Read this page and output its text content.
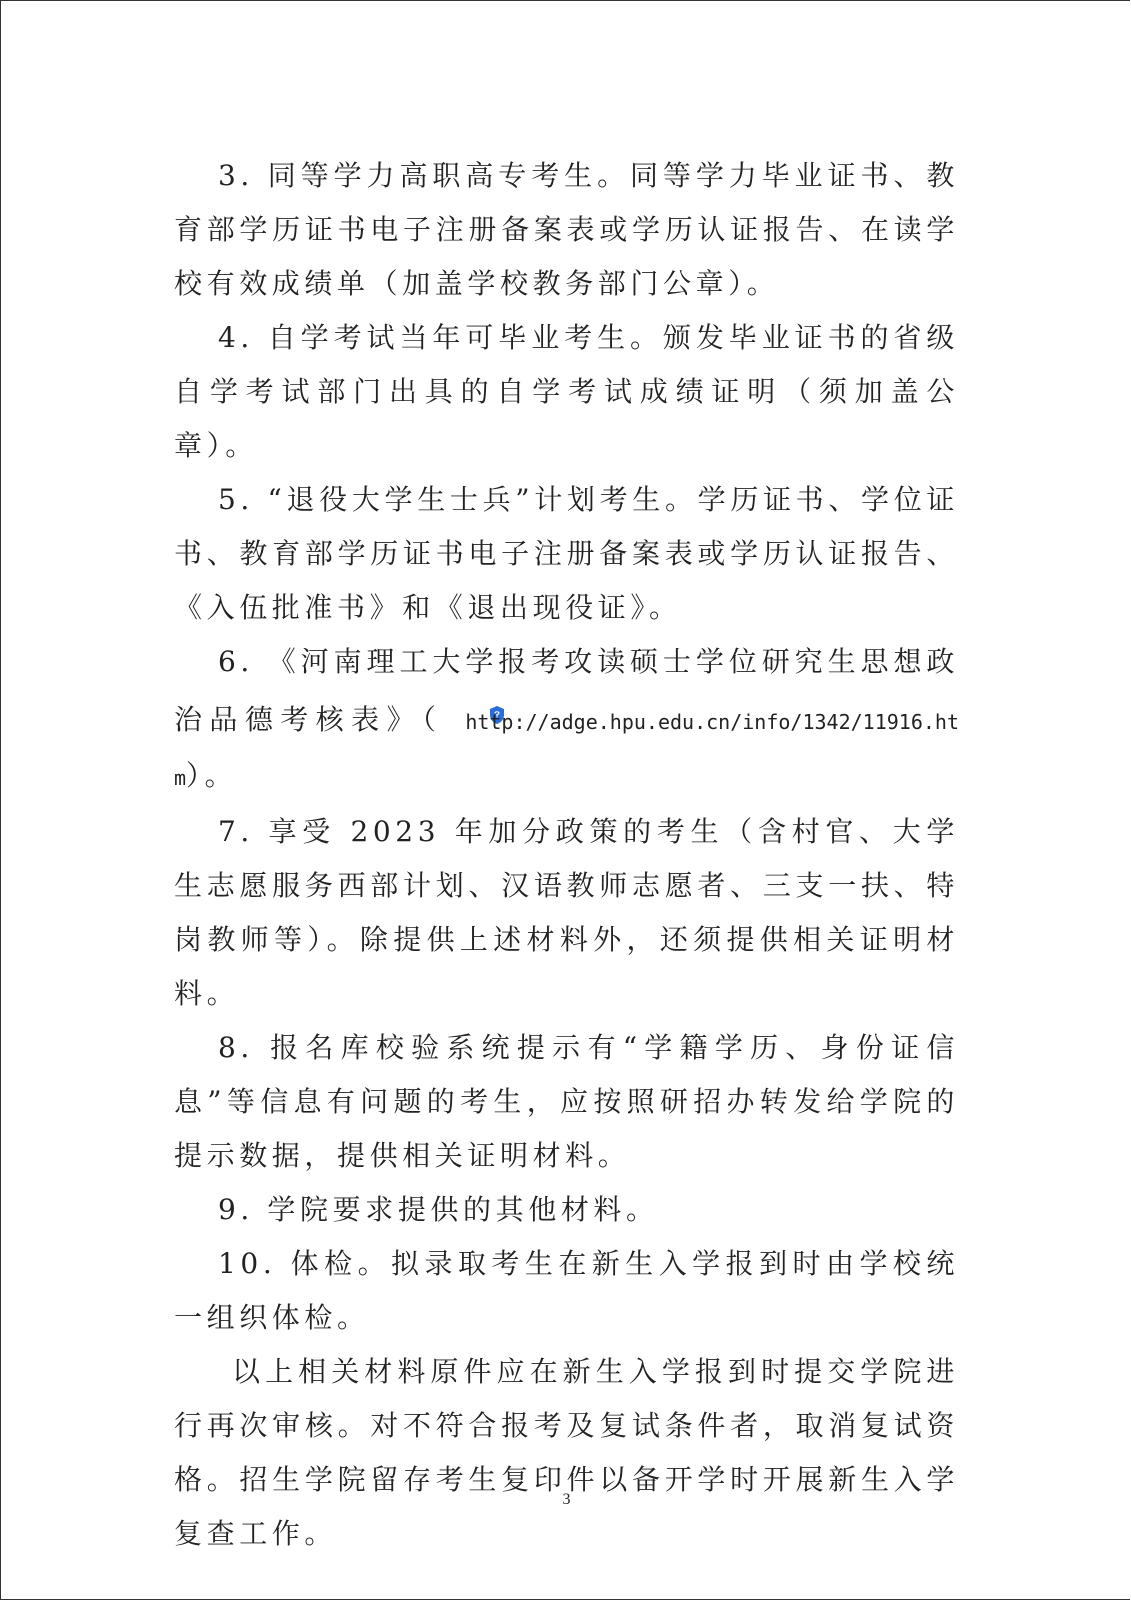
3. 同等学力高职高专考生。同等学力毕业证书、教育部学历证书电子注册备案表或学历认证报告、在读学校有效成绩单（加盖学校教务部门公章）。

4. 自学考试当年可毕业考生。颁发毕业证书的省级自学考试部门出具的自学考试成绩证明（须加盖公章）。

5. “退役大学生士兵”计划考生。学历证书、学位证书、教育部学历证书电子注册备案表或学历认证报告、《入伍批准书》和《退出现役证》。

6. 《河南理工大学报考攻读硕士学位研究生思想政治品德考核表》（ http://adge.hpu.edu.cn/info/1342/11916.htm）。

7. 享受 2023 年加分政策的考生（含村官、大学生志愿服务西部计划、汉语教师志愿者、三支一扶、特岗教师等）。除提供上述材料外，还须提供相关证明材料。

8. 报名库校验系统提示有“学籍学历、身份证信息”等信息有问题的考生，应按照研招办转发给学院的提示数据，提供相关证明材料。

9. 学院要求提供的其他材料。

10. 体检。拟录取考生在新生入学报到时由学校统一组织体检。

以上相关材料原件应在新生入学报到时提交学院进行再次审核。对不符合报考及复试条件者，取消复试资格。招生学院留存考生复印件以备开学时开展新生入学复查工作。

3
